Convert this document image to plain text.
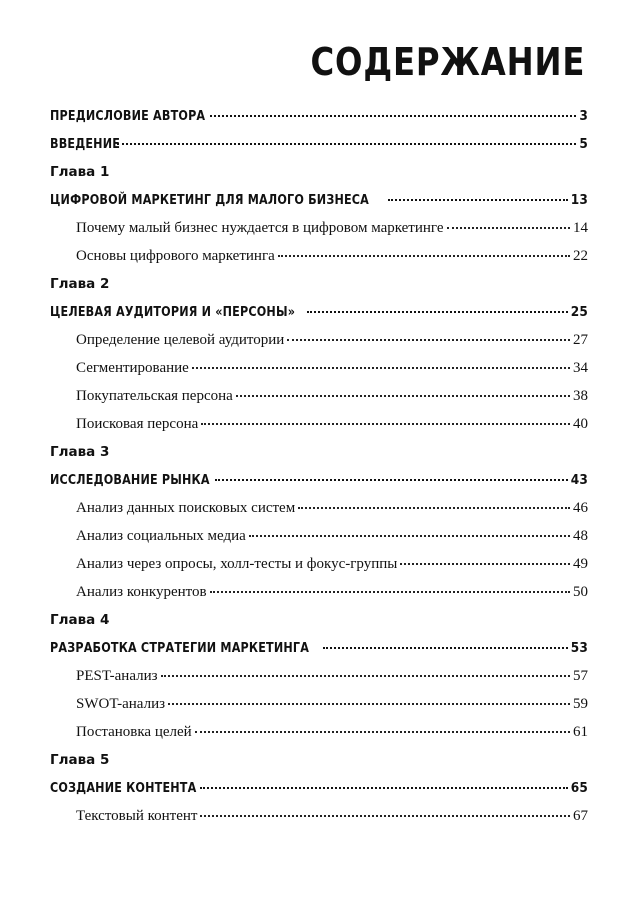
СОДЕРЖАНИЕ
ПРЕДИСЛОВИЕ АВТОРА	3
ВВЕДЕНИЕ	5
Глава 1
ЦИФРОВОЙ МАРКЕТИНГ ДЛЯ МАЛОГО БИЗНЕСА	13
Почему малый бизнес нуждается в цифровом маркетинге	14
Основы цифрового маркетинга	22
Глава 2
ЦЕЛЕВАЯ АУДИТОРИЯ И «ПЕРСОНЫ»	25
Определение целевой аудитории	27
Сегментирование	34
Покупательская персона	38
Поисковая персона	40
Глава 3
ИССЛЕДОВАНИЕ РЫНКА	43
Анализ данных поисковых систем	46
Анализ социальных медиа	48
Анализ через опросы, холл-тесты и фокус-группы	49
Анализ конкурентов	50
Глава 4
РАЗРАБОТКА СТРАТЕГИИ МАРКЕТИНГА	53
PEST-анализ	57
SWOT-анализ	59
Постановка целей	61
Глава 5
СОЗДАНИЕ КОНТЕНТА	65
Текстовый контент	67
